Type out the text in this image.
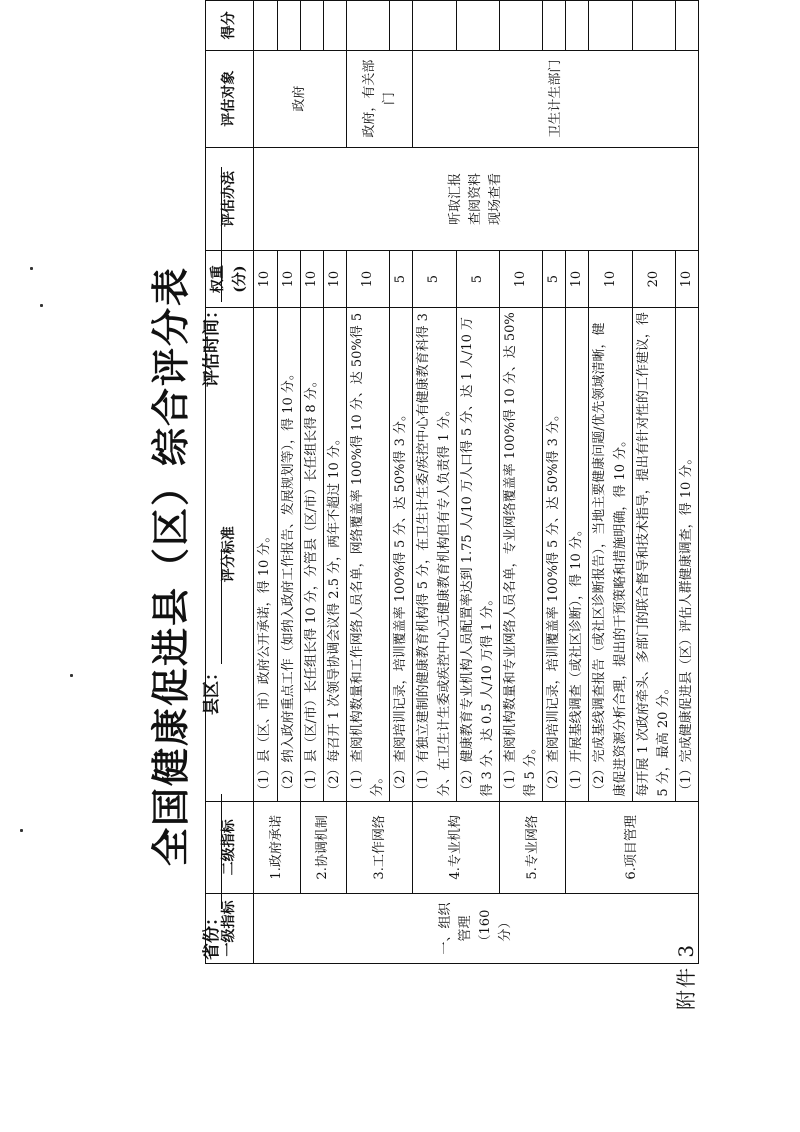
附件 3
全国健康促进县（区）综合评分表
省份：
县区：
评估时间：
一级指标	二级指标	评分标准	权重(分)	评估办法	评估对象	得分
一、组织管理（160 分）	1.政府承诺	（1）县（区、市）政府公开承诺，得 10 分。	10	听取汇报
查阅资料
现场查看	政府	
		（2）纳入政府重点工作（如纳入政府工作报告、发展规划等），得 10 分。	10			
	2.协调机制	（1）县（区/市）长任组长得 10 分，分管县（区/市）长任组长得 8 分。	10			
		（2）每召开 1 次领导协调会议得 2.5 分，两年不超过 10 分。	10			
	3.工作网络	（1）查阅机构数量和工作网络人员名单，网络覆盖率 100%得 10 分、达 50%得 5 分。	10		政府，有关部门	
		（2）查阅培训记录，培训覆盖率 100%得 5 分、达 50%得 3 分。	5			
	4.专业机构	（1）有独立建制的健康教育机构得 5 分，在卫生计生委/疾控中心有健康教育科得 3 分、在卫生计生委或疾控中心无健康教育机构但有专人负责得 1 分。	5		卫生计生部门	
		（2）健康教育专业机构人员配置率达到 1.75 人/10 万人口得 5 分、达 1 人/10 万得 3 分、达 0.5 人/10 万得 1 分。	5			
	5.专业网络	（1）查阅机构数量和专业网络人员名单，专业网络覆盖率 100%得 10 分、达 50%得 5 分。	10			
		（2）查阅培训记录，培训覆盖率 100%得 5 分、达 50%得 3 分。	5			
	6.项目管理	（1）开展基线调查（或社区诊断），得 10 分。	10			
		（2）完成基线调查报告（或社区诊断报告），当地主要健康问题/优先领域清晰，健康促进资源分析合理，提出的干预策略和措施明确，得 10 分。	10			
		每开展 1 次政府牵头、多部门的联合督导和技术指导，提出有针对性的工作建议，得 5 分，最高 20 分。	20			
		（1）完成健康促进县（区）评估人群健康调查，得 10 分。	10			
